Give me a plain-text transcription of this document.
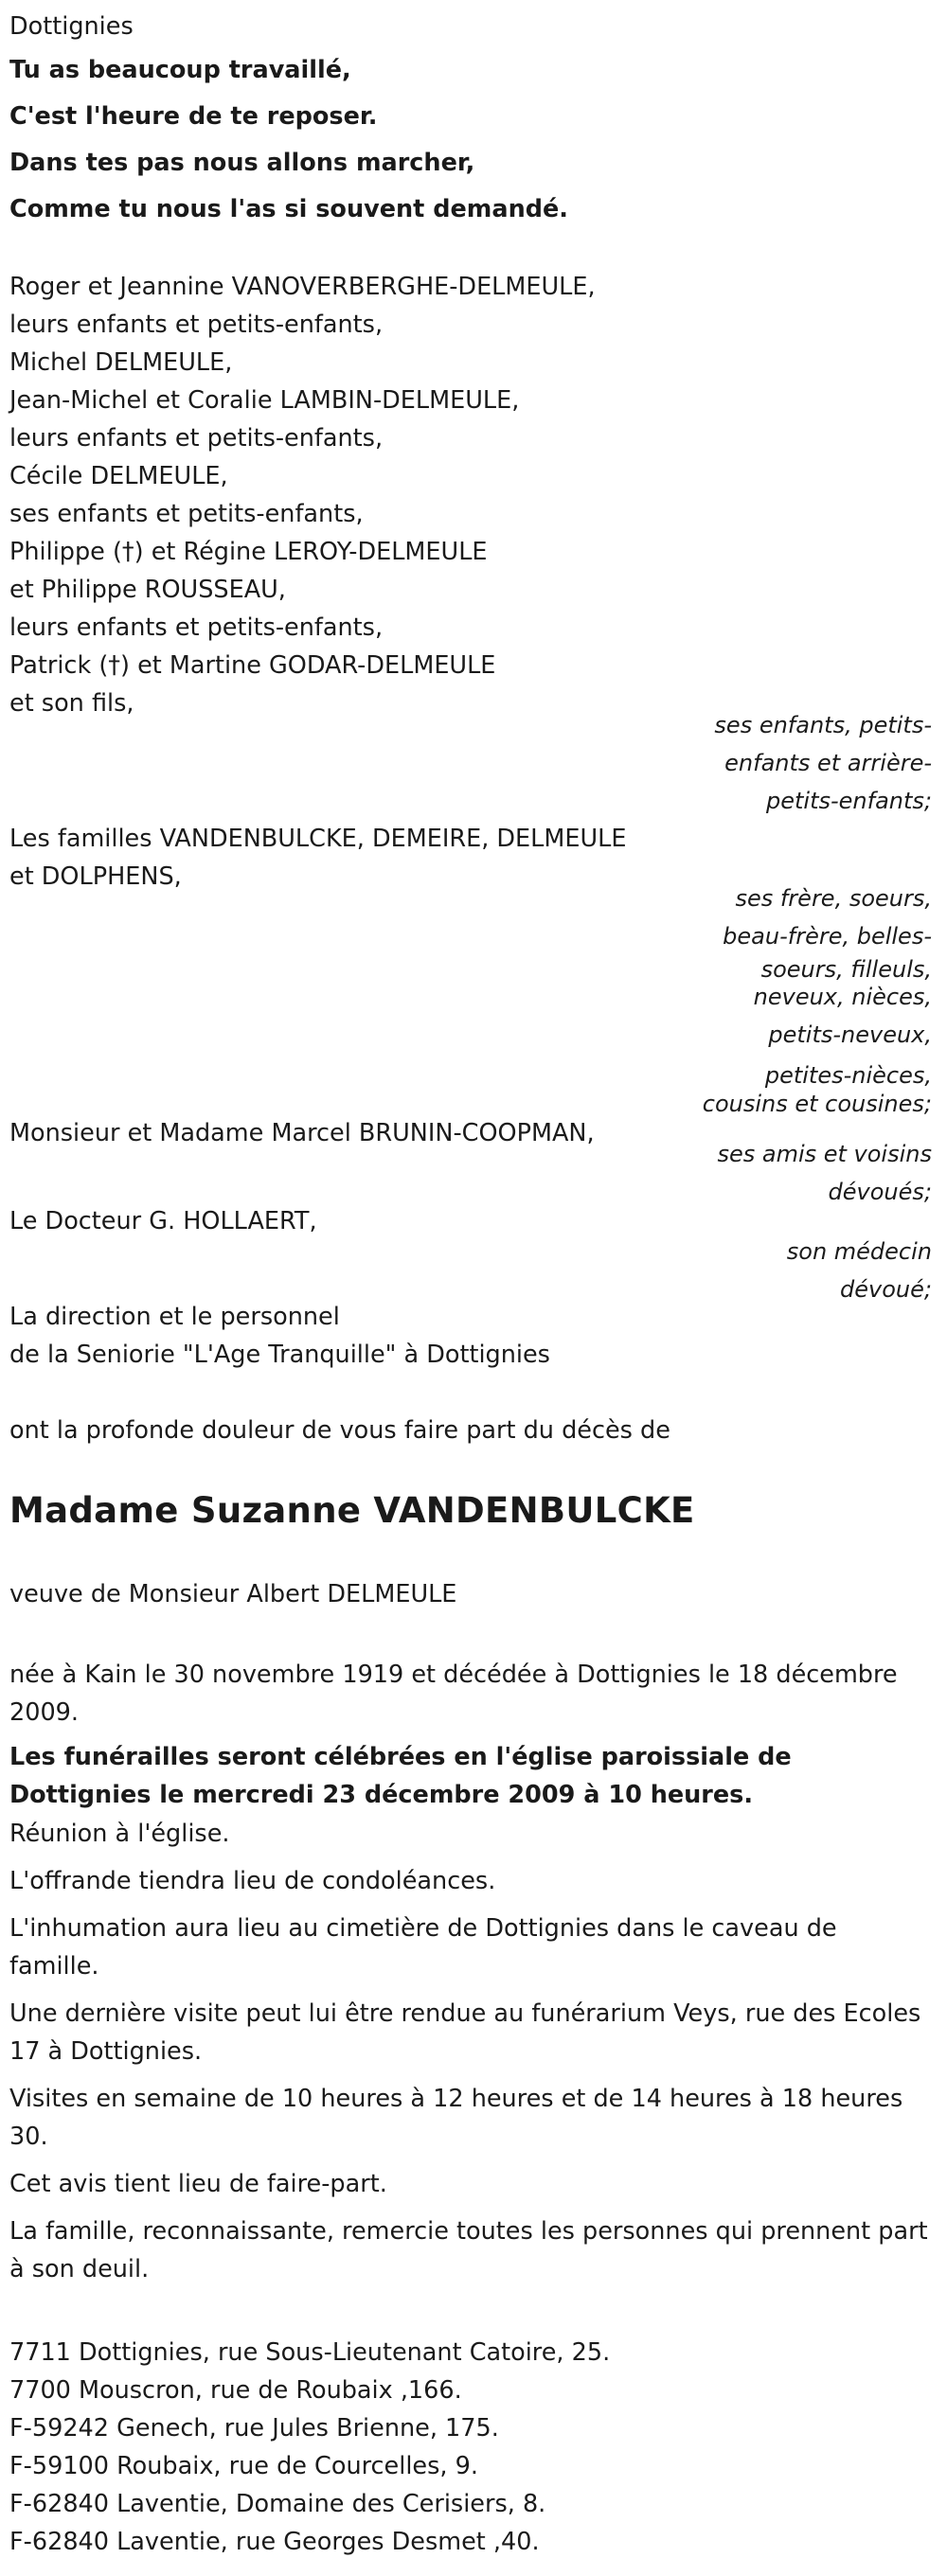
Dottignies
Tu as beaucoup travaillé,
C'est l'heure de te reposer.
Dans tes pas nous allons marcher,
Comme tu nous l'as si souvent demandé.
Roger et Jeannine VANOVERBERGHE-DELMEULE,
leurs enfants et petits-enfants,
Michel DELMEULE,
Jean-Michel et Coralie LAMBIN-DELMEULE,
leurs enfants et petits-enfants,
Cécile DELMEULE,
ses enfants et petits-enfants,
Philippe (†) et Régine LEROY-DELMEULE
et Philippe ROUSSEAU,
leurs enfants et petits-enfants,
Patrick (†) et Martine GODAR-DELMEULE
et son fils,
ses enfants, petits-
enfants et arrière-
petits-enfants;
Les familles VANDENBULCKE, DEMEIRE, DELMEULE
et DOLPHENS,
ses frère, soeurs,
beau-frère, belles-
soeurs, filleuls,
neveux, nièces,
petits-neveux,
petites-nièces,
cousins et cousines;
Monsieur et Madame Marcel BRUNIN-COOPMAN,
ses amis et voisins
dévoués;
Le Docteur G. HOLLAERT,
son médecin
dévoué;
La direction et le personnel
de la Seniorie "L'Age Tranquille" à Dottignies
ont la profonde douleur de vous faire part du décès de
Madame Suzanne VANDENBULCKE
veuve de Monsieur Albert DELMEULE
née à Kain le 30 novembre 1919 et décédée à Dottignies le 18 décembre 2009.
Les funérailles seront célébrées en l'église paroissiale de Dottignies le mercredi 23 décembre 2009 à 10 heures.
Réunion à l'église.
L'offrande tiendra lieu de condoléances.
L'inhumation aura lieu au cimetière de Dottignies dans le caveau de famille.
Une dernière visite peut lui être rendue au funérarium Veys, rue des Ecoles 17 à Dottignies.
Visites en semaine de 10 heures à 12 heures et de 14 heures à 18 heures 30.
Cet avis tient lieu de faire-part.
La famille, reconnaissante, remercie toutes les personnes qui prennent part à son deuil.
7711 Dottignies, rue Sous-Lieutenant Catoire, 25.
7700 Mouscron, rue de Roubaix ,166.
F-59242 Genech, rue Jules Brienne, 175.
F-59100 Roubaix, rue de Courcelles, 9.
F-62840 Laventie, Domaine des Cerisiers, 8.
F-62840 Laventie, rue Georges Desmet ,40.
